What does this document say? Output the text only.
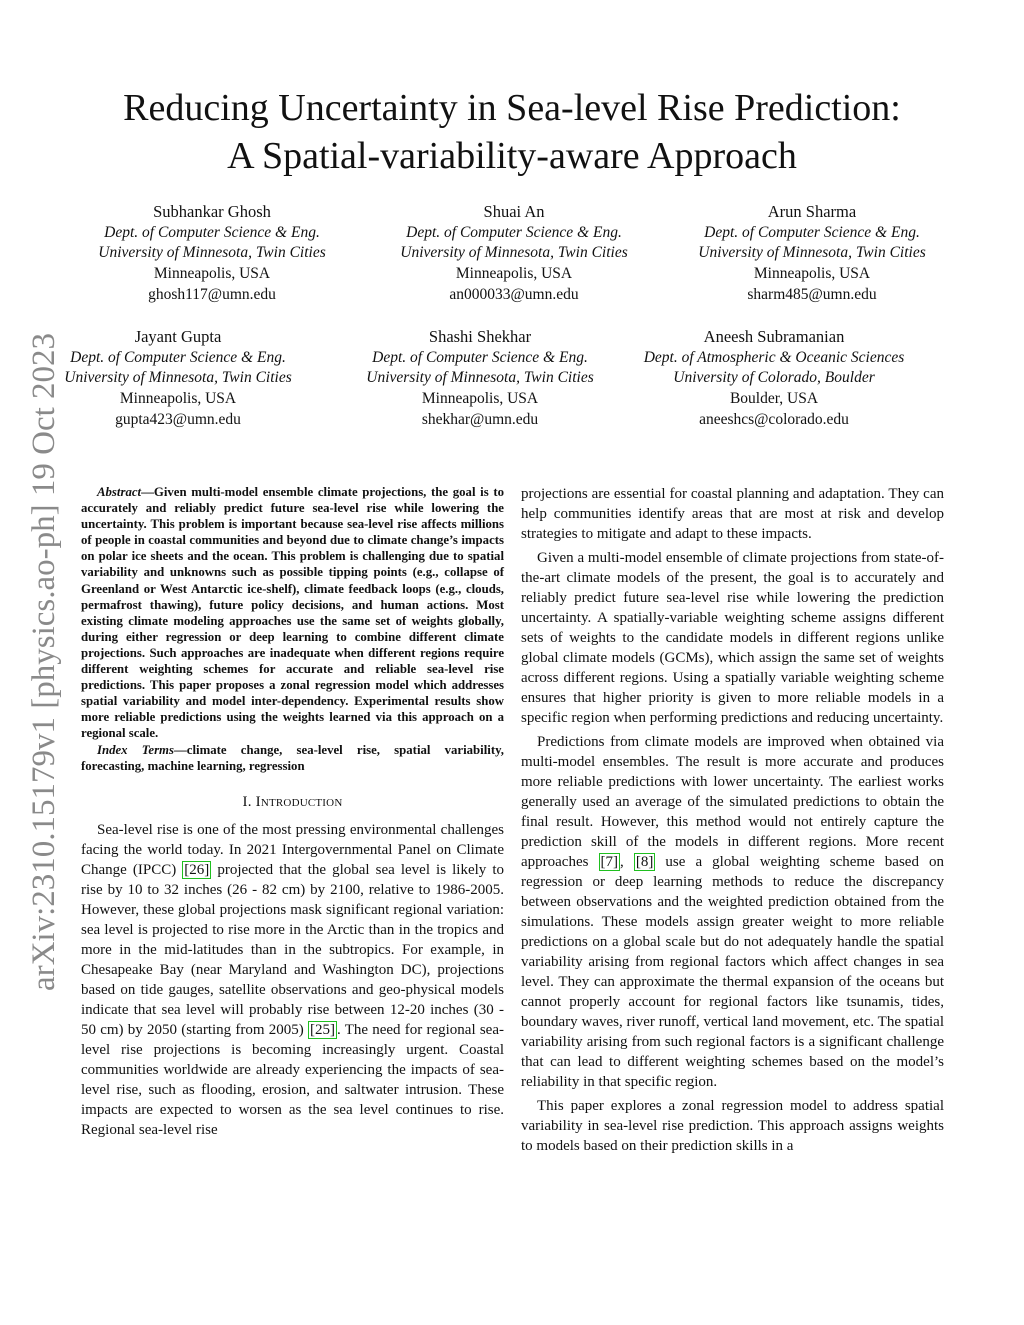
arXiv:2310.15179v1 [physics.ao-ph] 19 Oct 2023
Reducing Uncertainty in Sea-level Rise Prediction:
A Spatial-variability-aware Approach
Subhankar Ghosh
Dept. of Computer Science & Eng.
University of Minnesota, Twin Cities
Minneapolis, USA
ghosh117@umn.edu
Shuai An
Dept. of Computer Science & Eng.
University of Minnesota, Twin Cities
Minneapolis, USA
an000033@umn.edu
Arun Sharma
Dept. of Computer Science & Eng.
University of Minnesota, Twin Cities
Minneapolis, USA
sharm485@umn.edu
Jayant Gupta
Dept. of Computer Science & Eng.
University of Minnesota, Twin Cities
Minneapolis, USA
gupta423@umn.edu
Shashi Shekhar
Dept. of Computer Science & Eng.
University of Minnesota, Twin Cities
Minneapolis, USA
shekhar@umn.edu
Aneesh Subramanian
Dept. of Atmospheric & Oceanic Sciences
University of Colorado, Boulder
Boulder, USA
aneeshcs@colorado.edu

Abstract—Given multi-model ensemble climate projections, the goal is to accurately and reliably predict future sea-level rise while lowering the uncertainty. This problem is important because sea-level rise affects millions of people in coastal communities and beyond due to climate change’s impacts on polar ice sheets and the ocean. This problem is challenging due to spatial variability and unknowns such as possible tipping points (e.g., collapse of Greenland or West Antarctic ice-shelf), climate feedback loops (e.g., clouds, permafrost thawing), future policy decisions, and human actions. Most existing climate modeling approaches use the same set of weights globally, during either regression or deep learning to combine different climate projections. Such approaches are inadequate when different regions require different weighting schemes for accurate and reliable sea-level rise predictions. This paper proposes a zonal regression model which addresses spatial variability and model inter-dependency. Experimental results show more reliable predictions using the weights learned via this approach on a regional scale.

Index Terms—climate change, sea-level rise, spatial variability, forecasting, machine learning, regression

I. Introduction

Sea-level rise is one of the most pressing environmental challenges facing the world today. In 2021 Intergovernmental Panel on Climate Change (IPCC) [26] projected that the global sea level is likely to rise by 10 to 32 inches (26 - 82 cm) by 2100, relative to 1986-2005. However, these global projections mask significant regional variation: sea level is projected to rise more in the Arctic than in the tropics and more in the mid-latitudes than in the subtropics. For example, in Chesapeake Bay (near Maryland and Washington DC), projections based on tide gauges, satellite observations and geo-physical models indicate that sea level will probably rise between 12-20 inches (30 - 50 cm) by 2050 (starting from 2005) [25] . The need for regional sea-level rise projections is becoming increasingly urgent. Coastal communities worldwide are already experiencing the impacts of sea-level rise, such as flooding, erosion, and saltwater intrusion. These impacts are expected to worsen as the sea level continues to rise. Regional sea-level rise

projections are essential for coastal planning and adaptation. They can help communities identify areas that are most at risk and develop strategies to mitigate and adapt to these impacts.

Given a multi-model ensemble of climate projections from state-of-the-art climate models of the present, the goal is to accurately and reliably predict future sea-level rise while lowering the prediction uncertainty. A spatially-variable weighting scheme assigns different sets of weights to the candidate models in different regions unlike global climate models (GCMs), which assign the same set of weights across different regions. Using a spatially variable weighting scheme ensures that higher priority is given to more reliable models in a specific region when performing predictions and reducing uncertainty.

Predictions from climate models are improved when obtained via multi-model ensembles. The result is more accurate and produces more reliable predictions with lower uncertainty. The earliest works generally used an average of the simulated predictions to obtain the final result. However, this method would not entirely capture the prediction skill of the models in different regions. More recent approaches [7] , [8] use a global weighting scheme based on regression or deep learning methods to reduce the discrepancy between observations and the weighted prediction obtained from the simulations. These models assign greater weight to more reliable predictions on a global scale but do not adequately handle the spatial variability arising from regional factors which affect changes in sea level. They can approximate the thermal expansion of the oceans but cannot properly account for regional factors like tsunamis, tides, boundary waves, river runoff, vertical land movement, etc. The spatial variability arising from such regional factors is a significant challenge that can lead to different weighting schemes based on the model’s reliability in that specific region.

This paper explores a zonal regression model to address spatial variability in sea-level rise prediction. This approach assigns weights to models based on their prediction skills in a
